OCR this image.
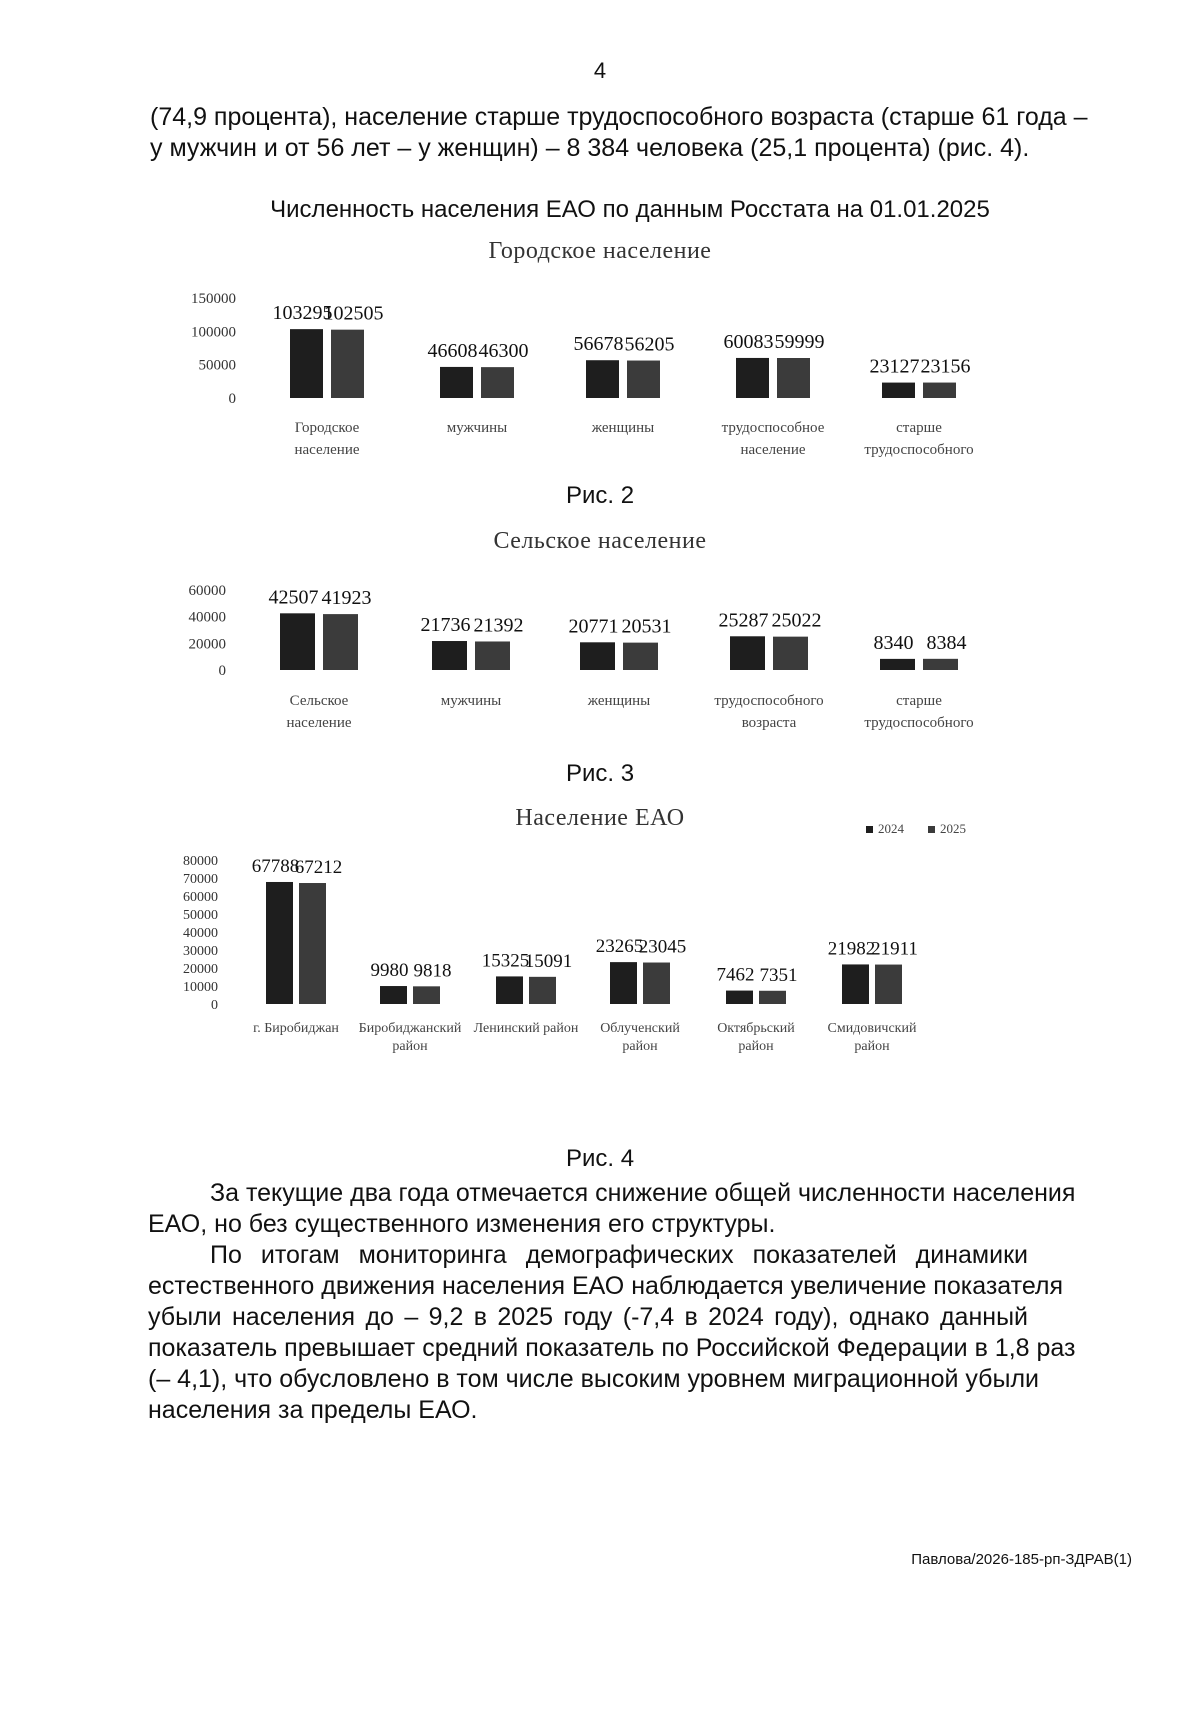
4
(74,9 процента), население старше трудоспособного возраста (старше 61 года –
у мужчин и от 56 лет – у женщин) – 8 384 человека (25,1 процента) (рис. 4).
Численность населения ЕАО по данным Росстата на 01.01.2025
Городское население
150000
100000
50000
0
103295
102505
Городское
население
46608 46300
мужчины
56678 56205
женщины
60083 59999
трудоспособное
население
23127 23156
старше
трудоспособного
Рис. 2
Сельское население
60000
40000
20000
0
42507 41923
Сельское
население
21736 21392
мужчины
20771 20531
женщины
25287 25022
трудоспособного
возраста
8340 8384
старше
трудоспособного
Рис. 3
Население ЕАО
80000
70000
60000
50000
40000
30000
20000
10000
0
67788
67212
г. Биробиджан
9980 9818
Биробиджанский
район
15325
15091
Ленинский район
23265
23045
Облученский
район
7462 7351
Октябрьский
район
21982
21911
Смидовичский
район
2024	2025
Рис. 4
За текущие два года отмечается снижение общей численности населения
ЕАО, но без существенного изменения его структуры.
По итогам мониторинга демографических показателей динамики
естественного движения населения ЕАО наблюдается увеличение показателя
убыли населения до – 9,2 в 2025 году (-7,4 в 2024 году), однако данный
показатель превышает средний показатель по Российской Федерации в 1,8 раз
(– 4,1), что обусловлено в том числе высоким уровнем миграционной убыли
населения за пределы ЕАО.
Павлова/2026-185-рп-ЗДРАВ(1)
